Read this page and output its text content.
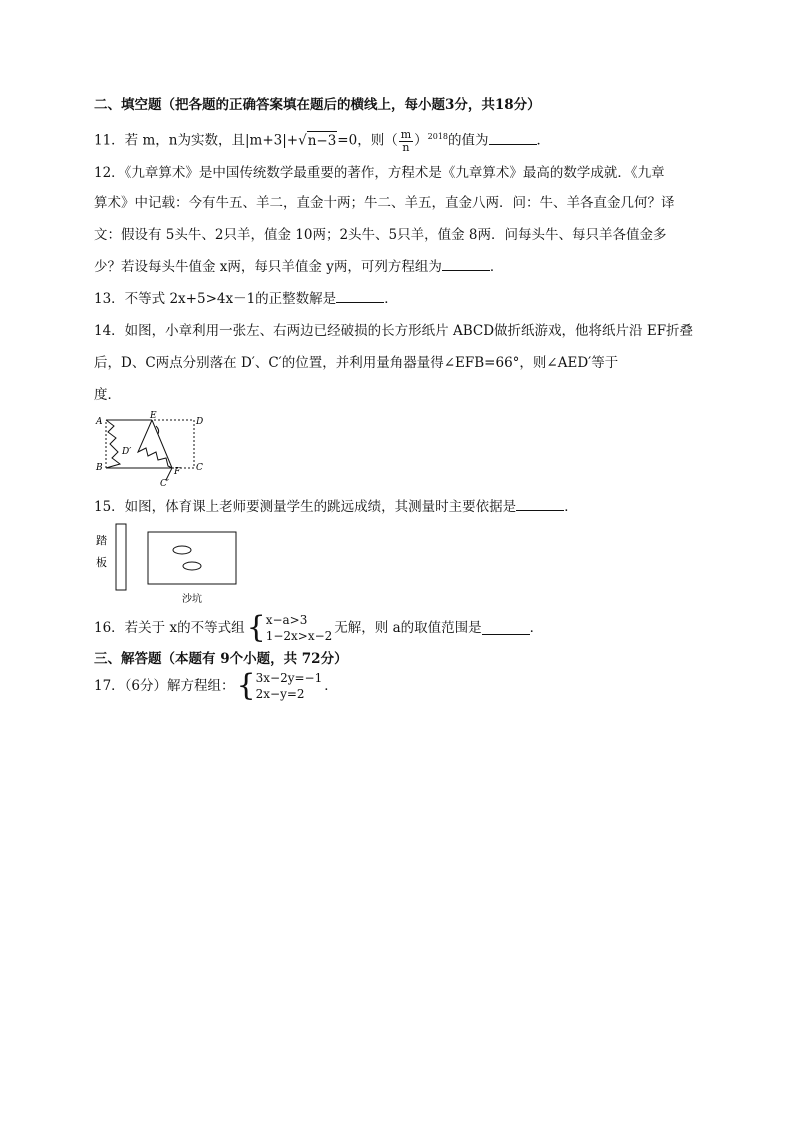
二、填空题（把各题的正确答案填在题后的横线上，每小题3分，共18分）
11．若 m，n为实数，且|m+3|+√n−3=0，则（ $\frac{m}{n} )^{2018}$的值为	．
12．《九章算术》是中国传统数学最重要的著作，方程术是《九章算术》最高的数学成就．《九章
算术》中记载：今有牛五、羊二，直金十两；牛二、羊五，直金八两．问：牛、羊各直金几何？译
文：假设有 5头牛、2只羊，值金 10两；2头牛、5只羊，值金 8两．问每头牛、每只羊各值金多
少？若设每头牛值金 x两，每只羊值金 y两，可列方程组为	．
13．不等式 2x+5>4x－1的正整数解是	．
14．如图，小章利用一张左、右两边已经破损的长方形纸片 ABCD做折纸游戏，他将纸片沿 EF折叠
后，D、C两点分别落在 D′、C′的位置，并利用量角器量得∠EFB=66°，则∠AED′等于
度．
A
B	C
D
E
F
D′
C′
15．如图，体育课上老师要测量学生的跳远成绩，其测量时主要依据是	．
踏
板
沙坑
16．若关于 x的不等式组 { x−a>3
1−2x>x−2 无解，则 a的取值范围是	．
三、解答题（本题有 9个小题，共 72分）
17．（6分）解方程组： { 3x−2y=−1
2x−y=2	．
